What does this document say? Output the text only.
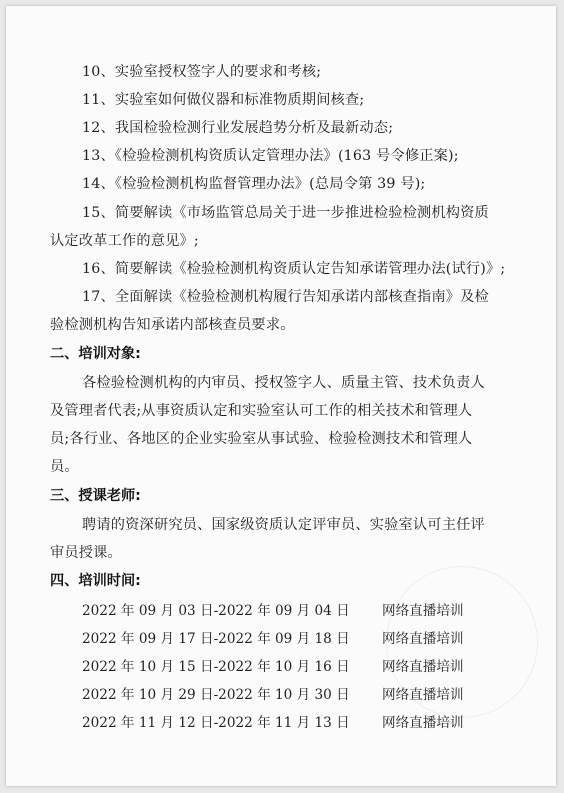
10、实验室授权签字人的要求和考核;
11、实验室如何做仪器和标准物质期间核查;
12、我国检验检测行业发展趋势分析及最新动态;
13、《检验检测机构资质认定管理办法》(163 号令修正案);
14、《检验检测机构监督管理办法》(总局令第 39 号);
15、简要解读《市场监管总局关于进一步推进检验检测机构资质
认定改革工作的意见》;
16、简要解读《检验检测机构资质认定告知承诺管理办法(试行)》;
17、全面解读《检验检测机构履行告知承诺内部核查指南》及检
验检测机构告知承诺内部核查员要求。
二、培训对象:
各检验检测机构的内审员、授权签字人、质量主管、技术负责人
及管理者代表;从事资质认定和实验室认可工作的相关技术和管理人
员;各行业、各地区的企业实验室从事试验、检验检测技术和管理人
员。
三、授课老师:
聘请的资深研究员、国家级资质认定评审员、实验室认可主任评
审员授课。
四、培训时间:
2022 年 09 月 03 日-2022 年 09 月 04 日 网络直播培训
2022 年 09 月 17 日-2022 年 09 月 18 日 网络直播培训
2022 年 10 月 15 日-2022 年 10 月 16 日 网络直播培训
2022 年 10 月 29 日-2022 年 10 月 30 日 网络直播培训
2022 年 11 月 12 日-2022 年 11 月 13 日 网络直播培训
